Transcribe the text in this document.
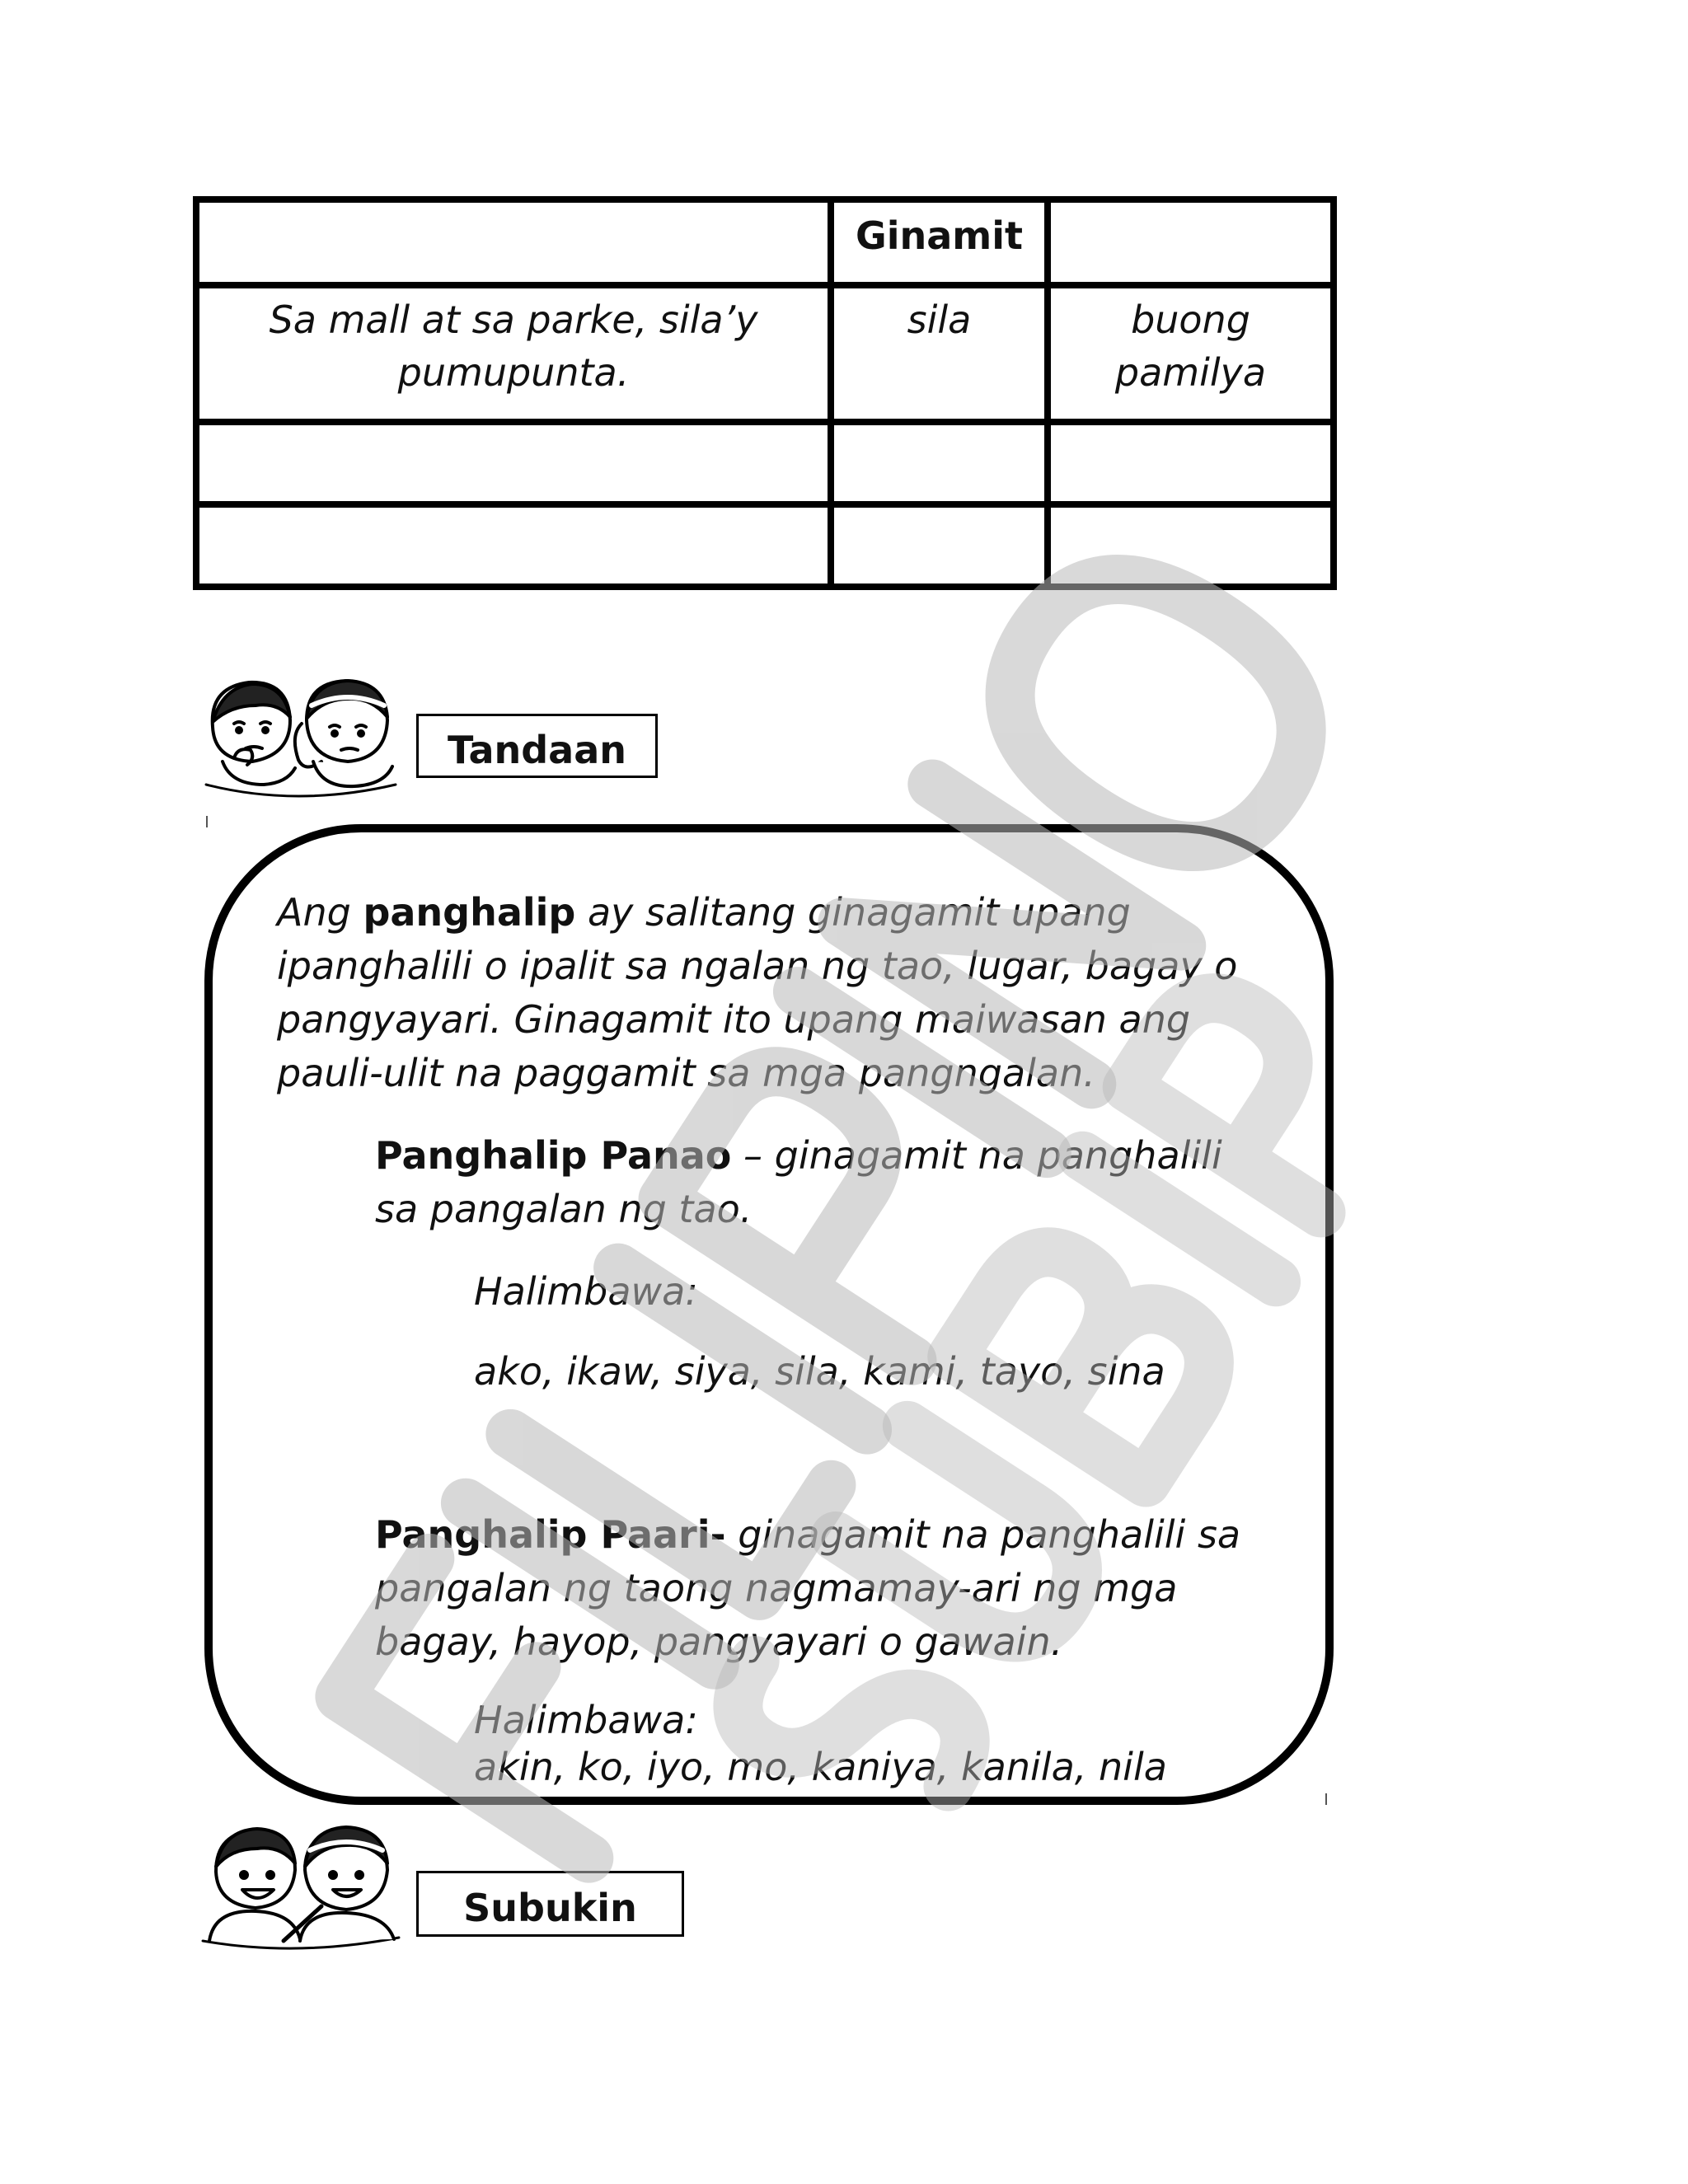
	Ginamit	
Sa mall at sa parke, sila’y pumupunta.	sila	buong pamilya

Tandaan

Ang panghalip ay salitang ginagamit upang ipanghalili o ipalit sa ngalan ng tao, lugar, bagay o pangyayari. Ginagamit ito upang maiwasan ang pauli-ulit na paggamit sa mga pangngalan.

Panghalip Panao – ginagamit na panghalili sa pangalan ng tao.

Halimbawa:

ako, ikaw, siya, sila, kami, tayo, sina

Panghalip Paari- ginagamit na panghalili sa pangalan ng taong nagmamay-ari ng mga bagay, hayop, pangyayari o gawain.

Halimbawa:

akin, ko, iyo, mo, kaniya, kanila, nila

Subukin
